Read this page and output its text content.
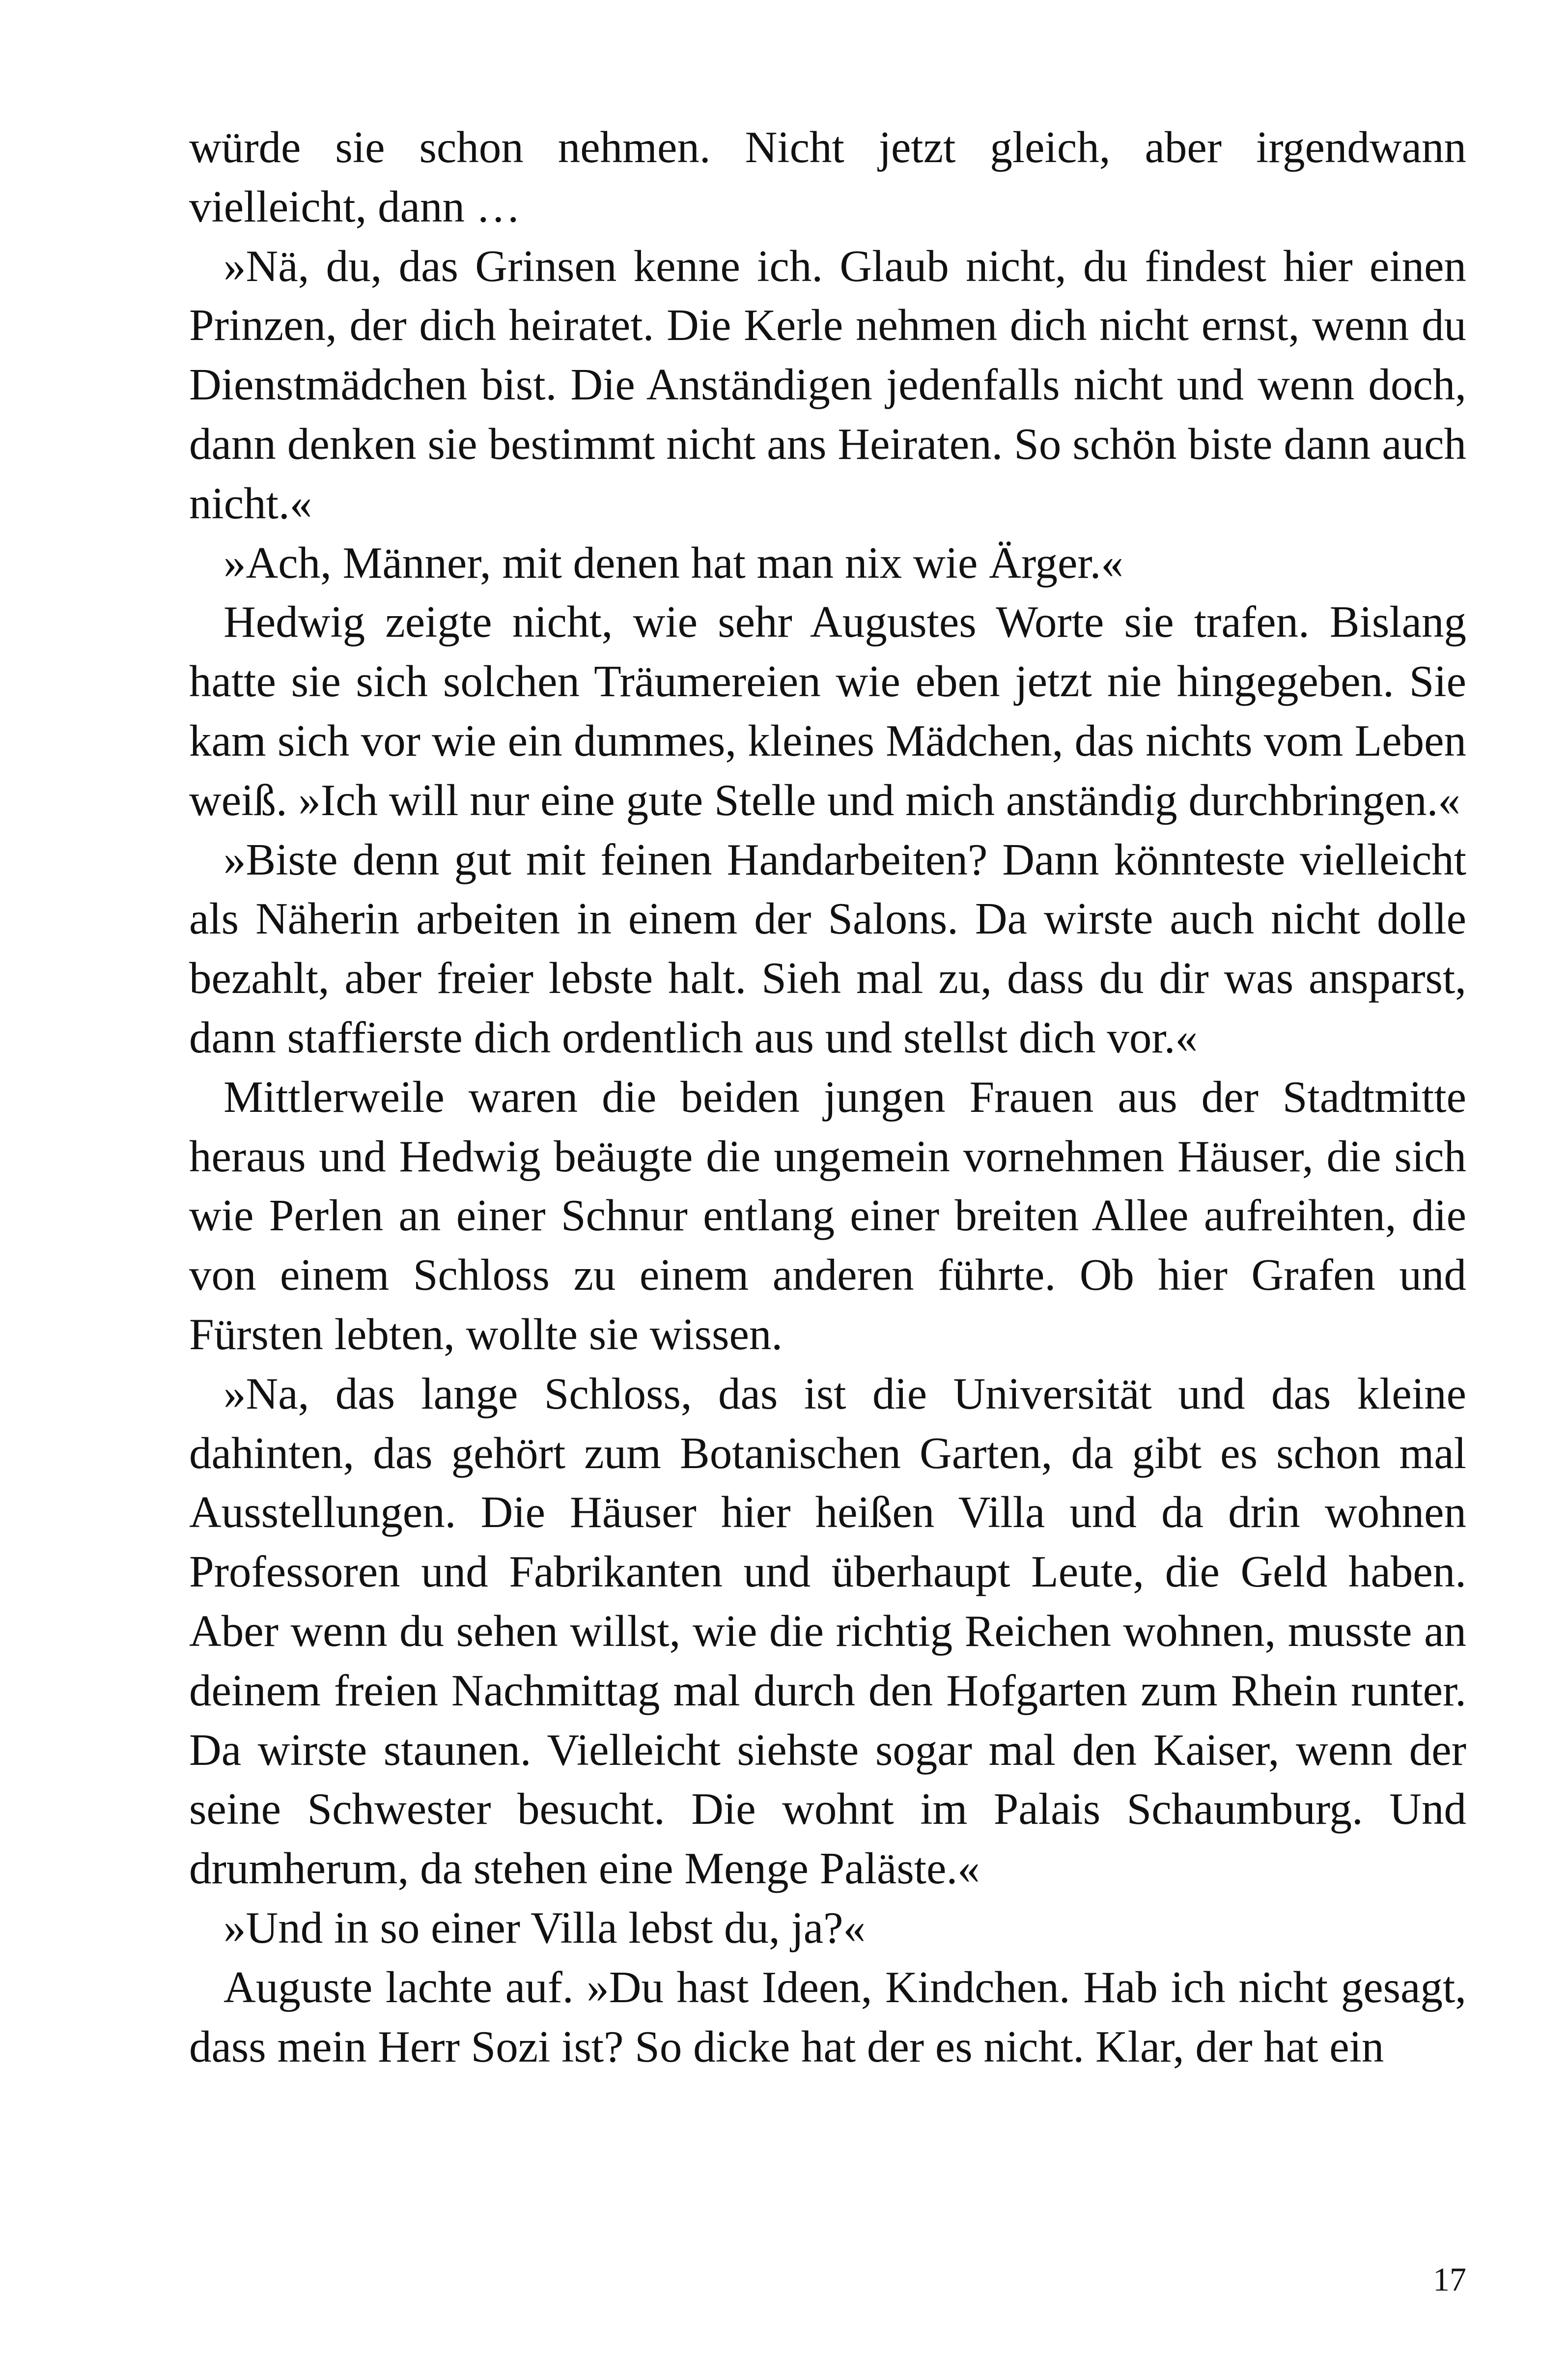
würde sie schon nehmen. Nicht jetzt gleich, aber irgendwann vielleicht, dann …

»Nä, du, das Grinsen kenne ich. Glaub nicht, du findest hier einen Prinzen, der dich heiratet. Die Kerle nehmen dich nicht ernst, wenn du Dienstmädchen bist. Die Anständigen jedenfalls nicht und wenn doch, dann denken sie bestimmt nicht ans Heiraten. So schön biste dann auch nicht.«

»Ach, Männer, mit denen hat man nix wie Ärger.«

Hedwig zeigte nicht, wie sehr Augustes Worte sie trafen. Bislang hatte sie sich solchen Träumereien wie eben jetzt nie hingegeben. Sie kam sich vor wie ein dummes, kleines Mädchen, das nichts vom Leben weiß. »Ich will nur eine gute Stelle und mich anständig durchbringen.«

»Biste denn gut mit feinen Handarbeiten? Dann könnteste vielleicht als Näherin arbeiten in einem der Salons. Da wirste auch nicht dolle bezahlt, aber freier lebste halt. Sieh mal zu, dass du dir was ansparst, dann staffierste dich ordentlich aus und stellst dich vor.«

Mittlerweile waren die beiden jungen Frauen aus der Stadtmitte heraus und Hedwig beäugte die ungemein vornehmen Häuser, die sich wie Perlen an einer Schnur entlang einer breiten Allee aufreihten, die von einem Schloss zu einem anderen führte. Ob hier Grafen und Fürsten lebten, wollte sie wissen.

»Na, das lange Schloss, das ist die Universität und das kleine dahinten, das gehört zum Botanischen Garten, da gibt es schon mal Ausstellungen. Die Häuser hier heißen Villa und da drin wohnen Professoren und Fabrikanten und überhaupt Leute, die Geld haben. Aber wenn du sehen willst, wie die richtig Reichen wohnen, musste an deinem freien Nachmittag mal durch den Hofgarten zum Rhein runter. Da wirste staunen. Vielleicht siehste sogar mal den Kaiser, wenn der seine Schwester besucht. Die wohnt im Palais Schaumburg. Und drumherum, da stehen eine Menge Paläste.«

»Und in so einer Villa lebst du, ja?«

Auguste lachte auf. »Du hast Ideen, Kindchen. Hab ich nicht gesagt, dass mein Herr Sozi ist? So dicke hat der es nicht. Klar, der hat ein

17
